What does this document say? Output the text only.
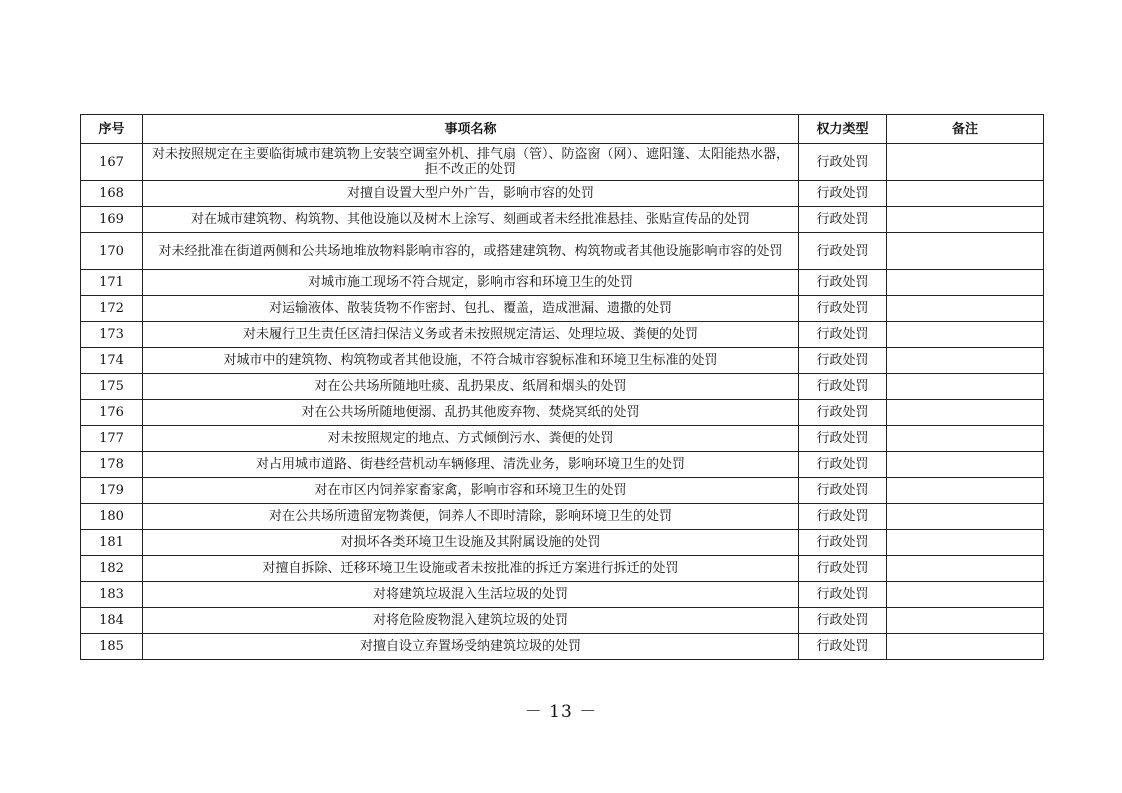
序号	事项名称	权力类型	备注
167	对未按照规定在主要临街城市建筑物上安装空调室外机、排气扇（管）、防盗窗（网）、遮阳篷、太阳能热水器，拒不改正的处罚	行政处罚	
168	对擅自设置大型户外广告，影响市容的处罚	行政处罚	
169	对在城市建筑物、构筑物、其他设施以及树木上涂写、刻画或者未经批准悬挂、张贴宣传品的处罚	行政处罚	
170	对未经批准在街道两侧和公共场地堆放物料影响市容的，或搭建建筑物、构筑物或者其他设施影响市容的处罚	行政处罚	
171	对城市施工现场不符合规定，影响市容和环境卫生的处罚	行政处罚	
172	对运输液体、散装货物不作密封、包扎、覆盖，造成泄漏、遗撒的处罚	行政处罚	
173	对未履行卫生责任区清扫保洁义务或者未按照规定清运、处理垃圾、粪便的处罚	行政处罚	
174	对城市中的建筑物、构筑物或者其他设施，不符合城市容貌标准和环境卫生标准的处罚	行政处罚	
175	对在公共场所随地吐痰、乱扔果皮、纸屑和烟头的处罚	行政处罚	
176	对在公共场所随地便溺、乱扔其他废弃物、焚烧冥纸的处罚	行政处罚	
177	对未按照规定的地点、方式倾倒污水、粪便的处罚	行政处罚	
178	对占用城市道路、街巷经营机动车辆修理、清洗业务，影响环境卫生的处罚	行政处罚	
179	对在市区内饲养家畜家禽，影响市容和环境卫生的处罚	行政处罚	
180	对在公共场所遗留宠物粪便，饲养人不即时清除，影响环境卫生的处罚	行政处罚	
181	对损坏各类环境卫生设施及其附属设施的处罚	行政处罚	
182	对擅自拆除、迁移环境卫生设施或者未按批准的拆迁方案进行拆迁的处罚	行政处罚	
183	对将建筑垃圾混入生活垃圾的处罚	行政处罚	
184	对将危险废物混入建筑垃圾的处罚	行政处罚	
185	对擅自设立弃置场受纳建筑垃圾的处罚	行政处罚	
－ 13 －
